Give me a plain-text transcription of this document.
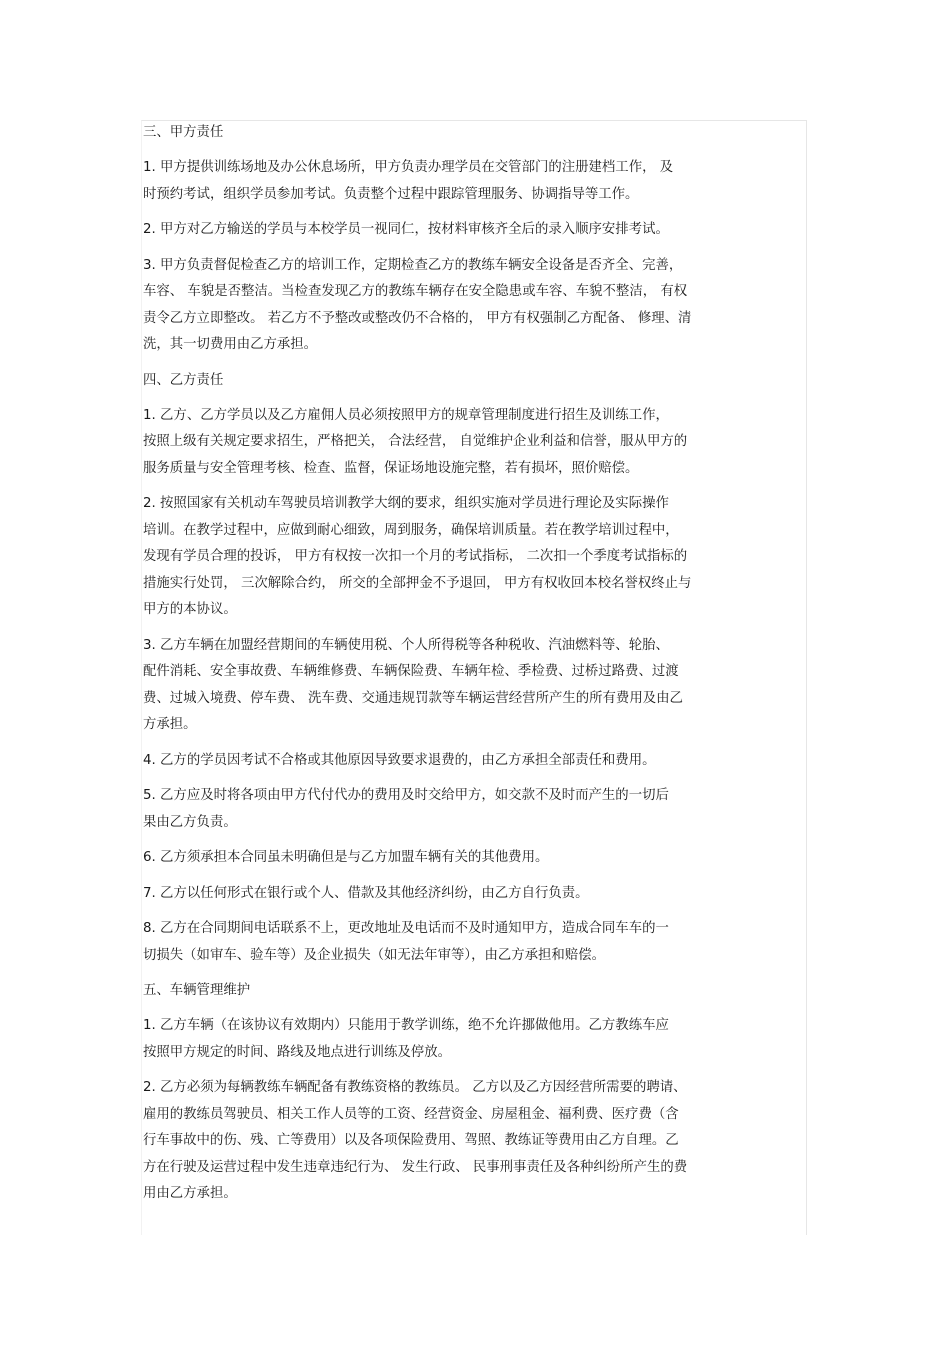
三、甲方责任
1. 甲方提供训练场地及办公休息场所，甲方负责办理学员在交管部门的注册建档工作， 及
时预约考试，组织学员参加考试。负责整个过程中跟踪管理服务、协调指导等工作。
2. 甲方对乙方输送的学员与本校学员一视同仁，按材料审核齐全后的录入顺序安排考试。
3. 甲方负责督促检查乙方的培训工作，定期检查乙方的教练车辆安全设备是否齐全、完善，
车容、 车貌是否整洁。当检查发现乙方的教练车辆存在安全隐患或车容、车貌不整洁， 有权
责令乙方立即整改。 若乙方不予整改或整改仍不合格的， 甲方有权强制乙方配备、 修理、清
洗，其一切费用由乙方承担。
四、乙方责任
1. 乙方、乙方学员以及乙方雇佣人员必须按照甲方的规章管理制度进行招生及训练工作，
按照上级有关规定要求招生，严格把关， 合法经营， 自觉维护企业利益和信誉，服从甲方的
服务质量与安全管理考核、检查、监督，保证场地设施完整，若有损坏，照价赔偿。
2. 按照国家有关机动车驾驶员培训教学大纲的要求，组织实施对学员进行理论及实际操作
培训。在教学过程中，应做到耐心细致，周到服务，确保培训质量。若在教学培训过程中，
发现有学员合理的投诉， 甲方有权按一次扣一个月的考试指标， 二次扣一个季度考试指标的
措施实行处罚， 三次解除合约， 所交的全部押金不予退回， 甲方有权收回本校名誉权终止与
甲方的本协议。
3. 乙方车辆在加盟经营期间的车辆使用税、个人所得税等各种税收、汽油燃料等、轮胎、
配件消耗、安全事故费、车辆维修费、车辆保险费、车辆年检、季检费、过桥过路费、过渡
费、过城入境费、停车费、 洗车费、交通违规罚款等车辆运营经营所产生的所有费用及由乙
方承担。
4. 乙方的学员因考试不合格或其他原因导致要求退费的，由乙方承担全部责任和费用。
5. 乙方应及时将各项由甲方代付代办的费用及时交给甲方，如交款不及时而产生的一切后
果由乙方负责。
6. 乙方须承担本合同虽未明确但是与乙方加盟车辆有关的其他费用。
7. 乙方以任何形式在银行或个人、借款及其他经济纠纷，由乙方自行负责。
8. 乙方在合同期间电话联系不上，更改地址及电话而不及时通知甲方，造成合同车车的一
切损失（如审车、验车等）及企业损失（如无法年审等），由乙方承担和赔偿。
五、车辆管理维护
1. 乙方车辆（在该协议有效期内）只能用于教学训练，绝不允许挪做他用。乙方教练车应
按照甲方规定的时间、路线及地点进行训练及停放。
2. 乙方必须为每辆教练车辆配备有教练资格的教练员。 乙方以及乙方因经营所需要的聘请、
雇用的教练员驾驶员、相关工作人员等的工资、经营资金、房屋租金、福利费、医疗费（含
行车事故中的伤、残、亡等费用）以及各项保险费用、驾照、教练证等费用由乙方自理。乙
方在行驶及运营过程中发生违章违纪行为、 发生行政、 民事刑事责任及各种纠纷所产生的费
用由乙方承担。
